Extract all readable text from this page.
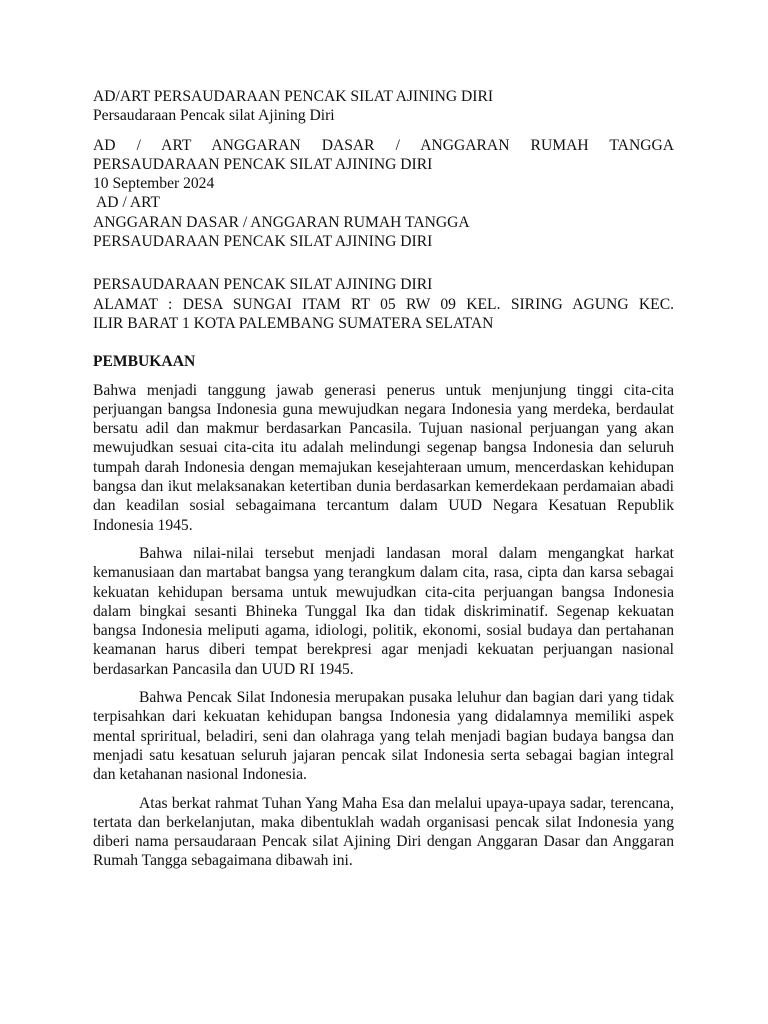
AD/ART PERSAUDARAAN PENCAK SILAT AJINING DIRI
Persaudaraan Pencak silat Ajining Diri
AD / ART ANGGARAN DASAR / ANGGARAN RUMAH TANGGA
PERSAUDARAAN PENCAK SILAT AJINING DIRI
10 September 2024
AD / ART
ANGGARAN DASAR / ANGGARAN RUMAH TANGGA
PERSAUDARAAN PENCAK SILAT AJINING DIRI
PERSAUDARAAN PENCAK SILAT AJINING DIRI
ALAMAT : DESA SUNGAI ITAM RT 05 RW 09 KEL. SIRING AGUNG KEC.
ILIR BARAT 1 KOTA PALEMBANG SUMATERA SELATAN
PEMBUKAAN

Bahwa menjadi tanggung jawab generasi penerus untuk menjunjung tinggi cita-cita perjuangan bangsa Indonesia guna mewujudkan negara Indonesia yang merdeka, berdaulat bersatu adil dan makmur berdasarkan Pancasila. Tujuan nasional perjuangan yang akan mewujudkan sesuai cita-cita itu adalah melindungi segenap bangsa Indonesia dan seluruh tumpah darah Indonesia dengan memajukan kesejahteraan umum, mencerdaskan kehidupan bangsa dan ikut melaksanakan ketertiban dunia berdasarkan kemerdekaan perdamaian abadi dan keadilan sosial sebagaimana tercantum dalam UUD Negara Kesatuan Republik Indonesia 1945.

Bahwa nilai-nilai tersebut menjadi landasan moral dalam mengangkat harkat kemanusiaan dan martabat bangsa yang terangkum dalam cita, rasa, cipta dan karsa sebagai kekuatan kehidupan bersama untuk mewujudkan cita-cita perjuangan bangsa Indonesia dalam bingkai sesanti Bhineka Tunggal Ika dan tidak diskriminatif. Segenap kekuatan bangsa Indonesia meliputi agama, idiologi, politik, ekonomi, sosial budaya dan pertahanan keamanan harus diberi tempat berekpresi agar menjadi kekuatan perjuangan nasional berdasarkan Pancasila dan UUD RI 1945.

Bahwa Pencak Silat Indonesia merupakan pusaka leluhur dan bagian dari yang tidak terpisahkan dari kekuatan kehidupan bangsa Indonesia yang didalamnya memiliki aspek mental spriritual, beladiri, seni dan olahraga yang telah menjadi bagian budaya bangsa dan menjadi satu kesatuan seluruh jajaran pencak silat Indonesia serta sebagai bagian integral dan ketahanan nasional Indonesia.

Atas berkat rahmat Tuhan Yang Maha Esa dan melalui upaya-upaya sadar, terencana, tertata dan berkelanjutan, maka dibentuklah wadah organisasi pencak silat Indonesia yang diberi nama persaudaraan Pencak silat Ajining Diri dengan Anggaran Dasar dan Anggaran Rumah Tangga sebagaimana dibawah ini.
